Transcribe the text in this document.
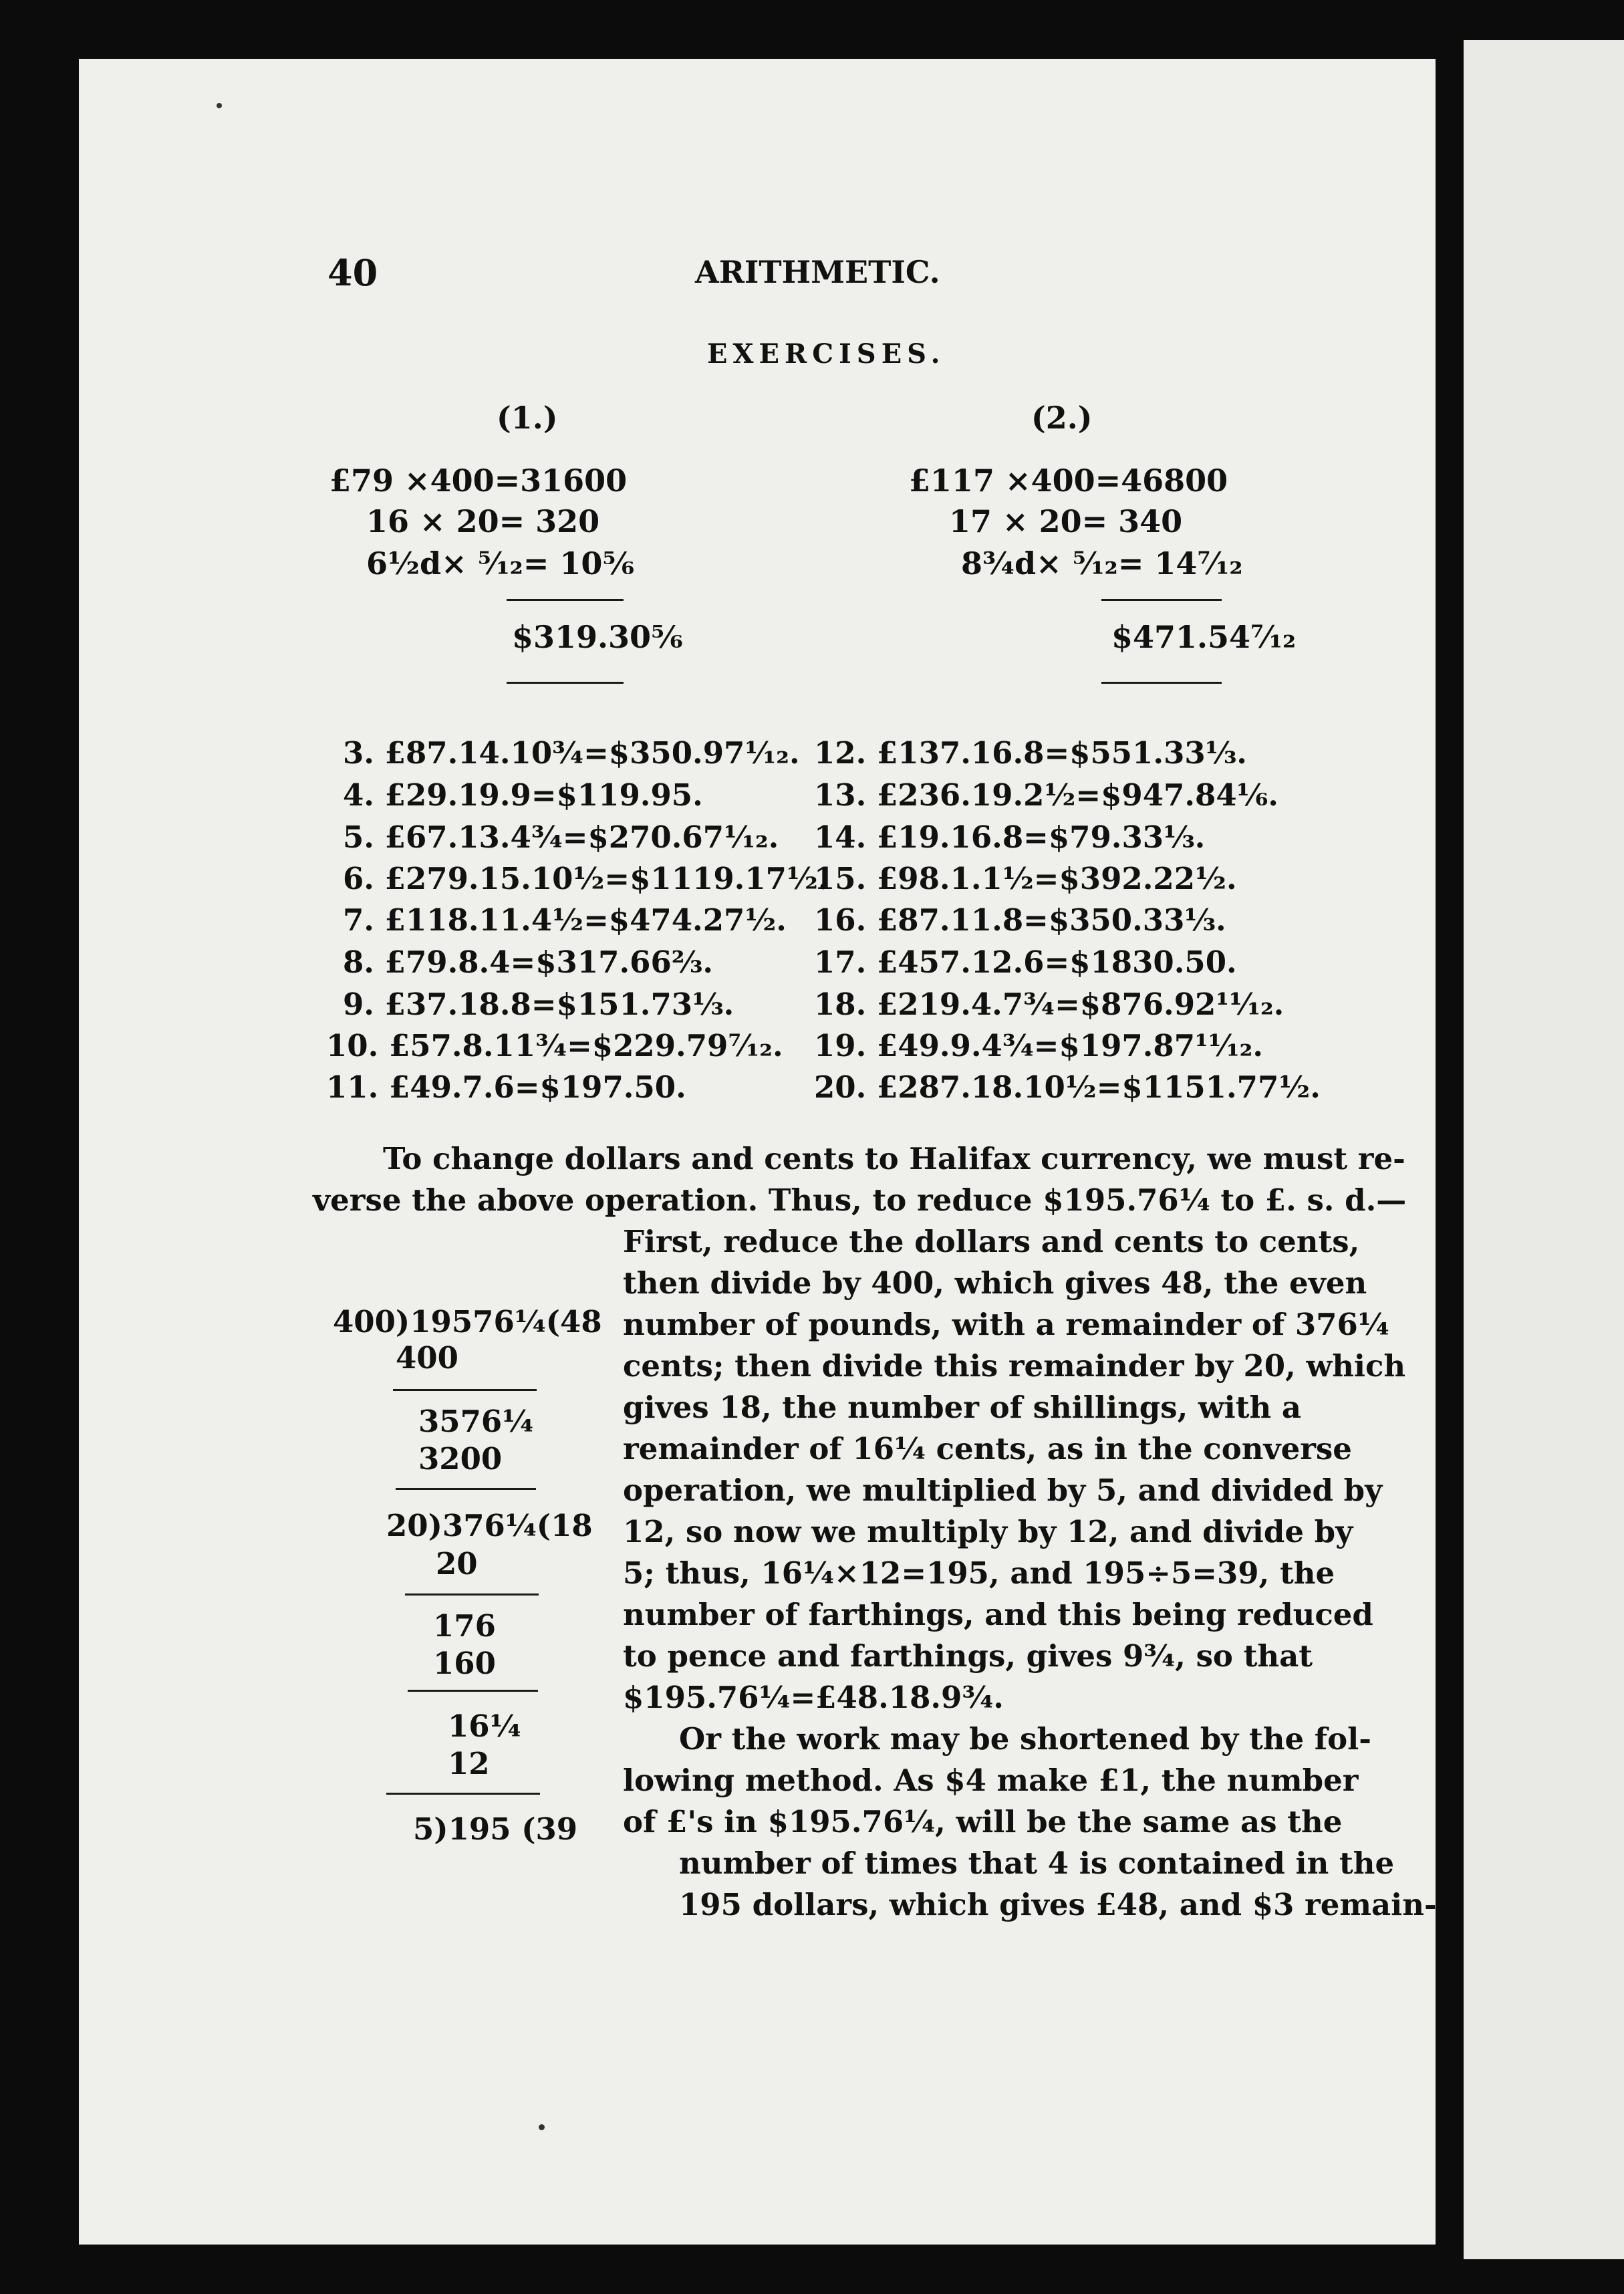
40	ARITHMETIC.
EXERCISES.
(1.)
£79 ×400=31600
16 × 20= 320
6½d× ⁵⁄₁₂= 10⅚
$319.30⅚
(2.)
£117 ×400=46800
17 × 20= 340
8¾d× ⁵⁄₁₂= 14⁷⁄₁₂
$471.54⁷⁄₁₂
3. £87.14.10¾=$350.97¹⁄₁₂.
4. £29.19.9=$119.95.
5. £67.13.4¾=$270.67¹⁄₁₂.
6. £279.15.10½=$1119.17½.
7. £118.11.4½=$474.27½.
8. £79.8.4=$317.66⅔.
9. £37.18.8=$151.73⅓.
10. £57.8.11¾=$229.79⁷⁄₁₂.
11. £49.7.6=$197.50.
12. £137.16.8=$551.33⅓.
13. £236.19.2½=$947.84⅙.
14. £19.16.8=$79.33⅓.
15. £98.1.1½=$392.22½.
16. £87.11.8=$350.33⅓.
17. £457.12.6=$1830.50.
18. £219.4.7¾=$876.92¹¹⁄₁₂.
19. £49.9.4¾=$197.87¹¹⁄₁₂.
20. £287.18.10½=$1151.77½.
To change dollars and cents to Halifax currency, we must re-
verse the above operation. Thus, to reduce $195.76¼ to £. s. d.—
First, reduce the dollars and cents to cents,
then divide by 400, which gives 48, the even
number of pounds, with a remainder of 376¼
cents; then divide this remainder by 20, which
gives 18, the number of shillings, with a
remainder of 16¼ cents, as in the converse
operation, we multiplied by 5, and divided by
12, so now we multiply by 12, and divide by
5; thus, 16¼×12=195, and 195÷5=39, the
number of farthings, and this being reduced
to pence and farthings, gives 9¾, so that
$195.76¼=£48.18.9¾.
Or the work may be shortened by the fol-
lowing method. As $4 make £1, the number
of £'s in $195.76¼, will be the same as the
number of times that 4 is contained in the
195 dollars, which gives £48, and $3 remain-
400)19576¼(48
400
3576¼
3200
20)376¼(18
20
176
160
16¼
12
5)195 (39
